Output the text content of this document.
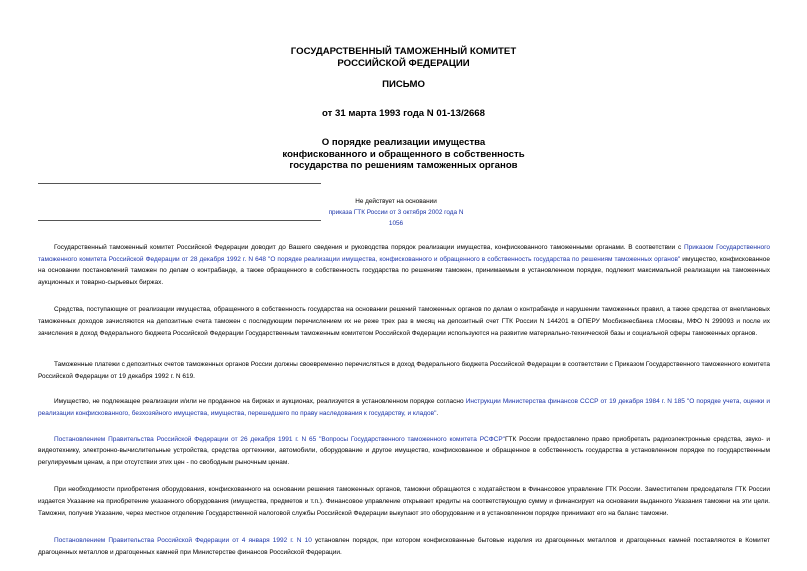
ГОСУДАРСТВЕННЫЙ ТАМОЖЕННЫЙ КОМИТЕТ
РОССИЙСКОЙ ФЕДЕРАЦИИ
ПИСЬМО
от 31 марта 1993 года N 01-13/2668
О порядке реализации имущества
конфискованного и обращенного в собственность
государства по решениям таможенных органов
Не действует на основании
приказа ГТК России от 3 октября 2002 года N 1056

Государственный таможенный комитет Российской Федерации доводит до Вашего сведения и руководства порядок реализации имущества, конфискованного таможенными органами. В соответствии с Приказом Государственного таможенного комитета Российской Федерации от 28 декабря 1992 г. N 648 "О порядке реализации имущества, конфискованного и обращенного в собственность государства по решениям таможенных органов" имущество, конфискованное на основании постановлений таможен по делам о контрабанде, а также обращенного в собственность государства по решениям таможен, принимаемым в установленном порядке, подлежит максимальной реализации на таможенных аукционных и товарно-сырьевых биржах.

Средства, поступающие от реализации имущества, обращенного в собственность государства на основании решений таможенных органов по делам о контрабанде и нарушении таможенных правил, а также средства от внеплановых таможенных доходов зачисляются на депозитные счета таможен с последующим перечислением их не реже трех раз в месяц на депозитный счет ГТК России N 144201 в ОПЕРУ Мосбизнесбанка г.Москвы, МФО N 299093 и после их зачисления в доход Федерального бюджета Российской Федерации Государственным таможенным комитетом Российской Федерации используются на развитие материально-технической базы и социальной сферы таможенных органов.

Таможенные платежи с депозитных счетов таможенных органов России должны своевременно перечисляться в доход Федерального бюджета Российской Федерации в соответствии с Приказом Государственного таможенного комитета Российской Федерации от 19 декабря 1992 г. N 619.

Имущество, не подлежащее реализации и/или не проданное на биржах и аукционах, реализуется в установленном порядке согласно Инструкции Министерства финансов СССР от 19 декабря 1984 г. N 185 "О порядке учета, оценки и реализации конфискованного, безхозяйного имущества, имущества, перешедшего по праву наследования к государству, и кладов".

Постановлением Правительства Российской Федерации от 26 декабря 1991 г. N 65 "Вопросы Государственного таможенного комитета РСФСР"ГТК России предоставлено право приобретать радиоэлектронные средства, звуко- и видеотехнику, электронно-вычислительные устройства, средства оргтехники, автомобили, оборудование и другое имущество, конфискованное и обращенное в собственность государства в установленном порядке по государственным регулируемым ценам, а при отсутствии этих цен - по свободным рыночным ценам.

При необходимости приобретения оборудования, конфискованного на основании решения таможенных органов, таможни обращаются с ходатайством в Финансовое управление ГТК России. Заместителем председателя ГТК России издается Указание на приобретение указанного оборудования (имущества, предметов и т.п.). Финансовое управление открывает кредиты на соответствующую сумму и финансирует на основании выданного Указания таможни на эти цели. Таможни, получив Указание, через местное отделение Государственной налоговой службы Российской Федерации выкупают это оборудование и в установленном порядке принимают его на баланс таможни.

Постановлением Правительства Российской Федерации от 4 января 1992 г. N 10 установлен порядок, при котором конфискованные бытовые изделия из драгоценных металлов и драгоценных камней поставляются в Комитет драгоценных металлов и драгоценных камней при Министерстве финансов Российской Федерации.
